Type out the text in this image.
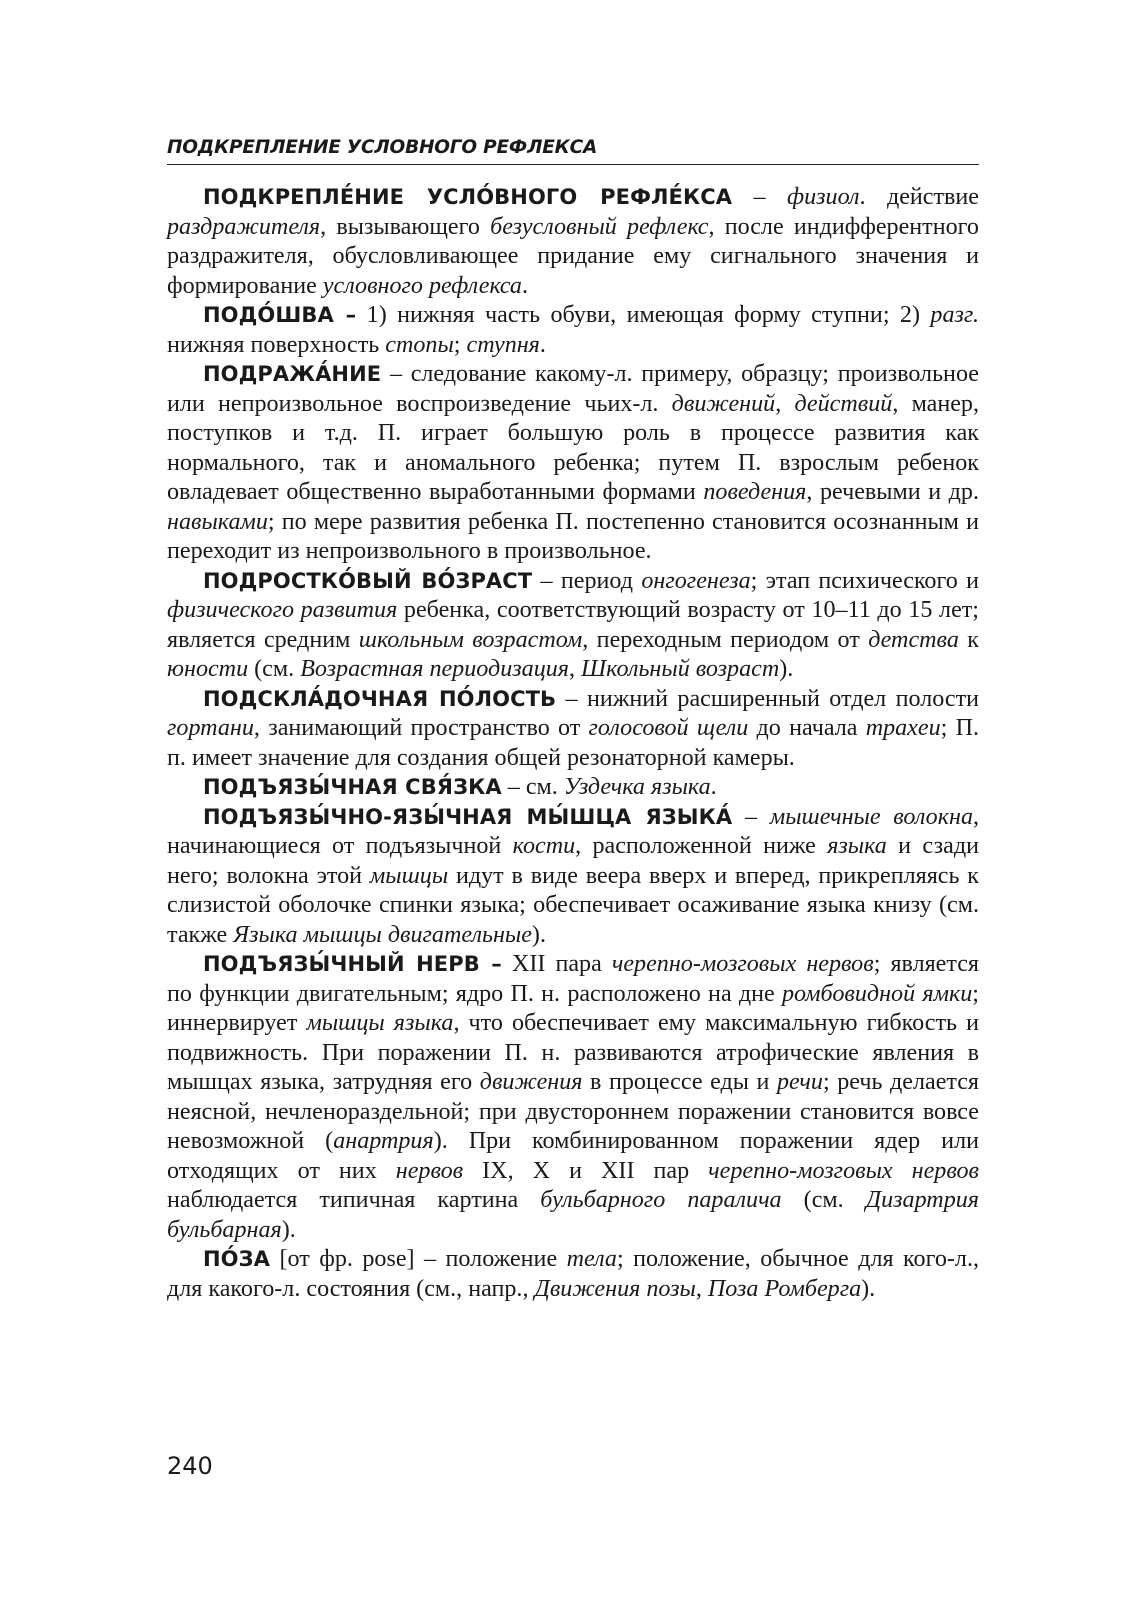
ПОДКРЕПЛЕНИЕ УСЛОВНОГО РЕФЛЕКСА

ПОДКРЕПЛЕ́НИЕ УСЛО́ВНОГО РЕФЛЕ́КСА – физиол. действие раздражителя, вызывающего безусловный рефлекс, после индифферентного раздражителя, обусловливающее придание ему сигнального значения и формирование условного рефлекса.

ПОДО́ШВА – 1) нижняя часть обуви, имеющая форму ступни; 2) разг. нижняя поверхность стопы; ступня.

ПОДРАЖА́НИЕ – следование какому-л. примеру, образцу; произвольное или непроизвольное воспроизведение чьих-л. движений, действий, манер, поступков и т.д. П. играет большую роль в процессе развития как нормального, так и аномального ребенка; путем П. взрослым ребенок овладевает общественно выработанными формами поведения, речевыми и др. навыками; по мере развития ребенка П. постепенно становится осознанным и переходит из непроизвольного в произвольное.

ПОДРОСТКО́ВЫЙ ВО́ЗРАСТ – период онгогенеза; этап психического и физического развития ребенка, соответствующий возрасту от 10–11 до 15 лет; является средним школьным возрастом, переходным периодом от детства к юности (см. Возрастная периодизация, Школьный возраст).

ПОДСКЛА́ДОЧНАЯ ПО́ЛОСТЬ – нижний расширенный отдел полости гортани, занимающий пространство от голосовой щели до начала трахеи; П. п. имеет значение для создания общей резонаторной камеры.

ПОДЪЯЗЫ́ЧНАЯ СВЯ́ЗКА – см. Уздечка языка.

ПОДЪЯЗЫ́ЧНО-ЯЗЫ́ЧНАЯ МЫ́ШЦА ЯЗЫКА́ – мышечные волокна, начинающиеся от подъязычной кости, расположенной ниже языка и сзади него; волокна этой мышцы идут в виде веера вверх и вперед, прикрепляясь к слизистой оболочке спинки языка; обеспечивает осаживание языка книзу (см. также Языка мышцы двигательные).

ПОДЪЯЗЫ́ЧНЫЙ НЕРВ – XII пара черепно-мозговых нервов; является по функции двигательным; ядро П. н. расположено на дне ромбовидной ямки; иннервирует мышцы языка, что обеспечивает ему максимальную гибкость и подвижность. При поражении П. н. развиваются атрофические явления в мышцах языка, затрудняя его движения в процессе еды и речи; речь делается неясной, нечленораздельной; при двустороннем поражении становится вовсе невозможной (анартрия). При комбинированном поражении ядер или отходящих от них нервов IX, X и XII пар черепно-мозговых нервов наблюдается типичная картина бульбарного паралича (см. Дизартрия бульбарная).

ПО́ЗА [от фр. pose] – положение тела; положение, обычное для кого-л., для какого-л. состояния (см., напр., Движения позы, Поза Ромберга).

240
